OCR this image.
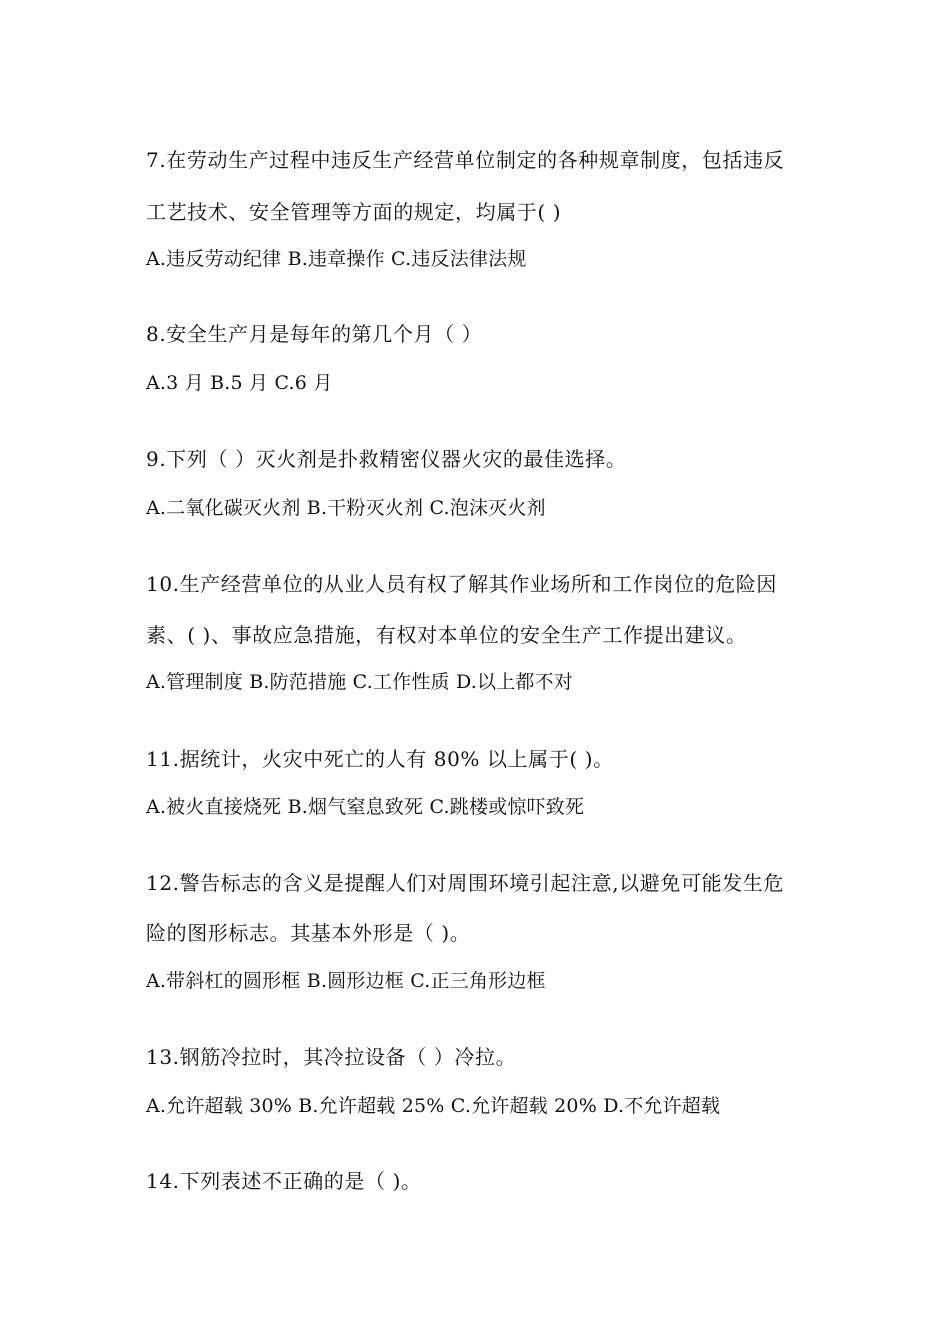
7.在劳动生产过程中违反生产经营单位制定的各种规章制度，包括违反
工艺技术、安全管理等方面的规定，均属于( )
A.违反劳动纪律 B.违章操作 C.违反法律法规
8.安全生产月是每年的第几个月（ ）
A.3 月 B.5 月 C.6 月
9.下列（ ）灭火剂是扑救精密仪器火灾的最佳选择。
A.二氧化碳灭火剂 B.干粉灭火剂 C.泡沫灭火剂
10.生产经营单位的从业人员有权了解其作业场所和工作岗位的危险因
素、( )、事故应急措施，有权对本单位的安全生产工作提出建议。
A.管理制度 B.防范措施 C.工作性质 D.以上都不对
11.据统计，火灾中死亡的人有 80% 以上属于( )。
A.被火直接烧死 B.烟气窒息致死 C.跳楼或惊吓致死
12.警告标志的含义是提醒人们对周围环境引起注意,以避免可能发生危
险的图形标志。其基本外形是（ )。
A.带斜杠的圆形框 B.圆形边框 C.正三角形边框
13.钢筋冷拉时，其冷拉设备（ ）冷拉。
A.允许超载 30% B.允许超载 25% C.允许超载 20% D.不允许超载
14.下列表述不正确的是（ )。
